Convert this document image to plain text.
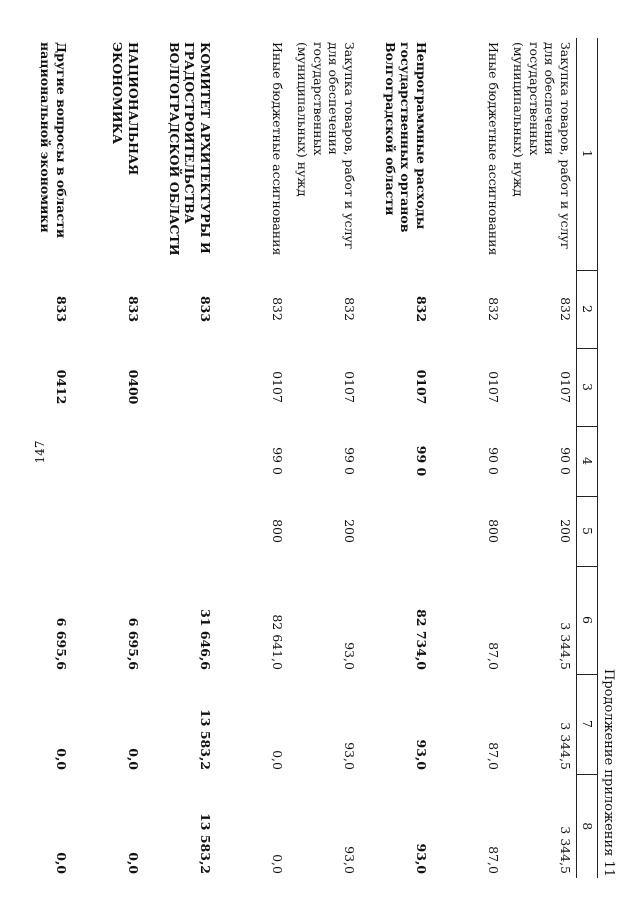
147
Продолжение приложения 11
1	2	3	4	5	6	7	8
Закупка товаров, работ и услуг для обеспечения государственных (муниципальных) нужд	832	0107	90 0	200	3 344,5	3 344,5	3 344,5
Иные бюджетные ассигнования	832	0107	90 0	800	87,0	87,0	87,0
Непрограммные расходы государственных органов Волгоградской области	832	0107	99 0		82 734,0	93,0	93,0
Закупка товаров, работ и услуг для обеспечения государственных (муниципальных) нужд	832	0107	99 0	200	93,0	93,0	93,0
Иные бюджетные ассигнования	832	0107	99 0	800	82 641,0	0,0	0,0
КОМИТЕТ АРХИТЕКТУРЫ И ГРАДОСТРОИТЕЛЬСТВА ВОЛГОГРАДСКОЙ ОБЛАСТИ	833				31 646,6	13 583,2	13 583,2
НАЦИОНАЛЬНАЯ ЭКОНОМИКА	833	0400			6 695,6	0,0	0,0
Другие вопросы в области национальной экономики	833	0412			6 695,6	0,0	0,0
